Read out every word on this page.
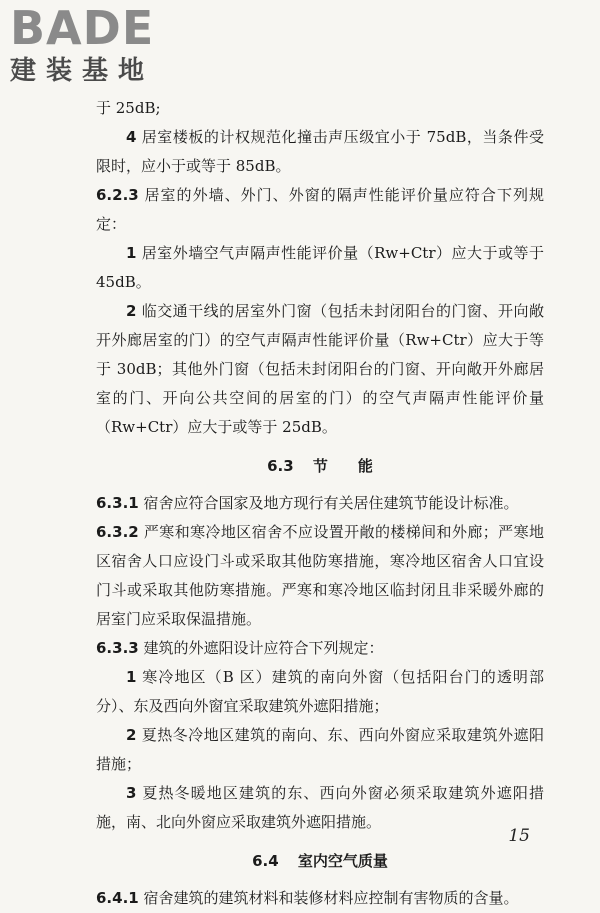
BADE
建装基地

于 25dB;

4 居室楼板的计权规范化撞击声压级宜小于 75dB，当条件受限时，应小于或等于 85dB。

6.2.3 居室的外墙、外门、外窗的隔声性能评价量应符合下列规定：

1 居室外墙空气声隔声性能评价量（Rw+Ctr）应大于或等于 45dB。

2 临交通干线的居室外门窗（包括未封闭阳台的门窗、开向敞开外廊居室的门）的空气声隔声性能评价量（Rw+Ctr）应大于等于 30dB；其他外门窗（包括未封闭阳台的门窗、开向敞开外廊居室的门、开向公共空间的居室的门）的空气声隔声性能评价量（Rw+Ctr）应大于或等于 25dB。

6.3 节　　能

6.3.1 宿舍应符合国家及地方现行有关居住建筑节能设计标准。

6.3.2 严寒和寒冷地区宿舍不应设置开敞的楼梯间和外廊；严寒地区宿舍人口应设门斗或采取其他防寒措施，寒冷地区宿舍人口宜设门斗或采取其他防寒措施。严寒和寒冷地区临封闭且非采暖外廊的居室门应采取保温措施。

6.3.3 建筑的外遮阳设计应符合下列规定：

1 寒冷地区（B 区）建筑的南向外窗（包括阳台门的透明部分）、东及西向外窗宜采取建筑外遮阳措施；

2 夏热冬冷地区建筑的南向、东、西向外窗应采取建筑外遮阳措施；

3 夏热冬暖地区建筑的东、西向外窗必须采取建筑外遮阳措施，南、北向外窗应采取建筑外遮阳措施。

6.4 室内空气质量

6.4.1 宿舍建筑的建筑材料和装修材料应控制有害物质的含量。

15
